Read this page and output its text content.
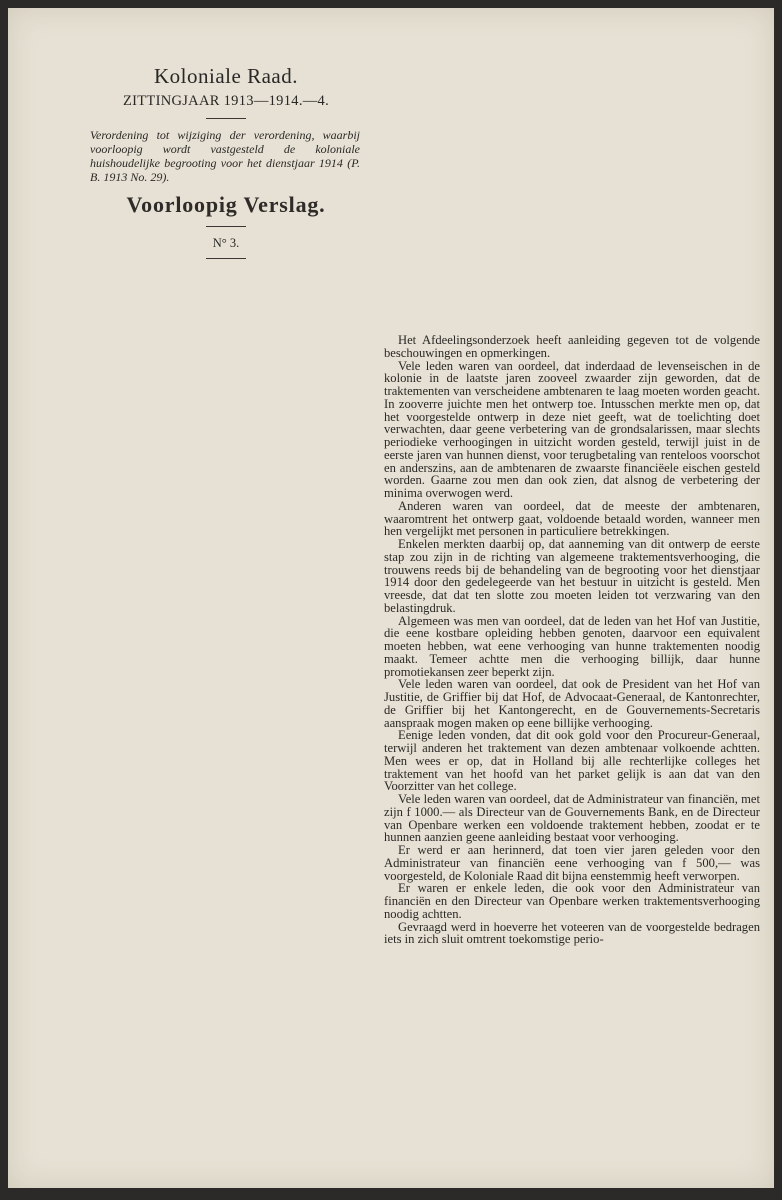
Koloniale Raad.
ZITTINGJAAR 1913—1914.—4.

Verordening tot wijziging der verordening, waarbij voorloopig wordt vastgesteld de koloniale huishoudelijke begrooting voor het dienstjaar 1914 (P. B. 1913 No. 29).

Voorloopig Verslag.
N° 3.

Het Afdeelingsonderzoek heeft aanleiding gegeven tot de volgende beschouwingen en opmerkingen.

Vele leden waren van oordeel, dat inderdaad de levenseischen in de kolonie in de laatste jaren zooveel zwaarder zijn geworden, dat de traktementen van verscheidene ambtenaren te laag moeten worden geacht. In zooverre juichte men het ontwerp toe. Intusschen merkte men op, dat het voorgestelde ontwerp in deze niet geeft, wat de toelichting doet verwachten, daar geene verbetering van de grondsalarissen, maar slechts periodieke verhoogingen in uitzicht worden gesteld, terwijl juist in de eerste jaren van hunnen dienst, voor terugbetaling van renteloos voorschot en anderszins, aan de ambtenaren de zwaarste financiëele eischen gesteld worden. Gaarne zou men dan ook zien, dat alsnog de verbetering der minima overwogen werd.

Anderen waren van oordeel, dat de meeste der ambtenaren, waaromtrent het ontwerp gaat, voldoende betaald worden, wanneer men hen vergelijkt met personen in particuliere betrekkingen.

Enkelen merkten daarbij op, dat aanneming van dit ontwerp de eerste stap zou zijn in de richting van algemeene traktementsverhooging, die trouwens reeds bij de behandeling van de begrooting voor het dienstjaar 1914 door den gedelegeerde van het bestuur in uitzicht is gesteld. Men vreesde, dat dat ten slotte zou moeten leiden tot verzwaring van den belastingdruk.

Algemeen was men van oordeel, dat de leden van het Hof van Justitie, die eene kostbare opleiding hebben genoten, daarvoor een equivalent moeten hebben, wat eene verhooging van hunne traktementen noodig maakt. Temeer achtte men die verhooging billijk, daar hunne promotiekansen zeer beperkt zijn.

Vele leden waren van oordeel, dat ook de President van het Hof van Justitie, de Griffier bij dat Hof, de Advocaat-Generaal, de Kantonrechter, de Griffier bij het Kantongerecht, en de Gouvernements-Secretaris aanspraak mogen maken op eene billijke verhooging.

Eenige leden vonden, dat dit ook gold voor den Procureur-Generaal, terwijl anderen het traktement van dezen ambtenaar volkoende achtten. Men wees er op, dat in Holland bij alle rechterlijke colleges het traktement van het hoofd van het parket gelijk is aan dat van den Voorzitter van het college.

Vele leden waren van oordeel, dat de Administrateur van financiën, met zijn f 1000.— als Directeur van de Gouvernements Bank, en de Directeur van Openbare werken een voldoende traktement hebben, zoodat er te hunnen aanzien geene aanleiding bestaat voor verhooging.

Er werd er aan herinnerd, dat toen vier jaren geleden voor den Administrateur van financiën eene verhooging van f 500,— was voorgesteld, de Koloniale Raad dit bijna eenstemmig heeft verworpen.

Er waren er enkele leden, die ook voor den Administrateur van financiën en den Directeur van Openbare werken traktementsverhooging noodig achtten.

Gevraagd werd in hoeverre het voteeren van de voorgestelde bedragen iets in zich sluit omtrent toekomstige perio-
